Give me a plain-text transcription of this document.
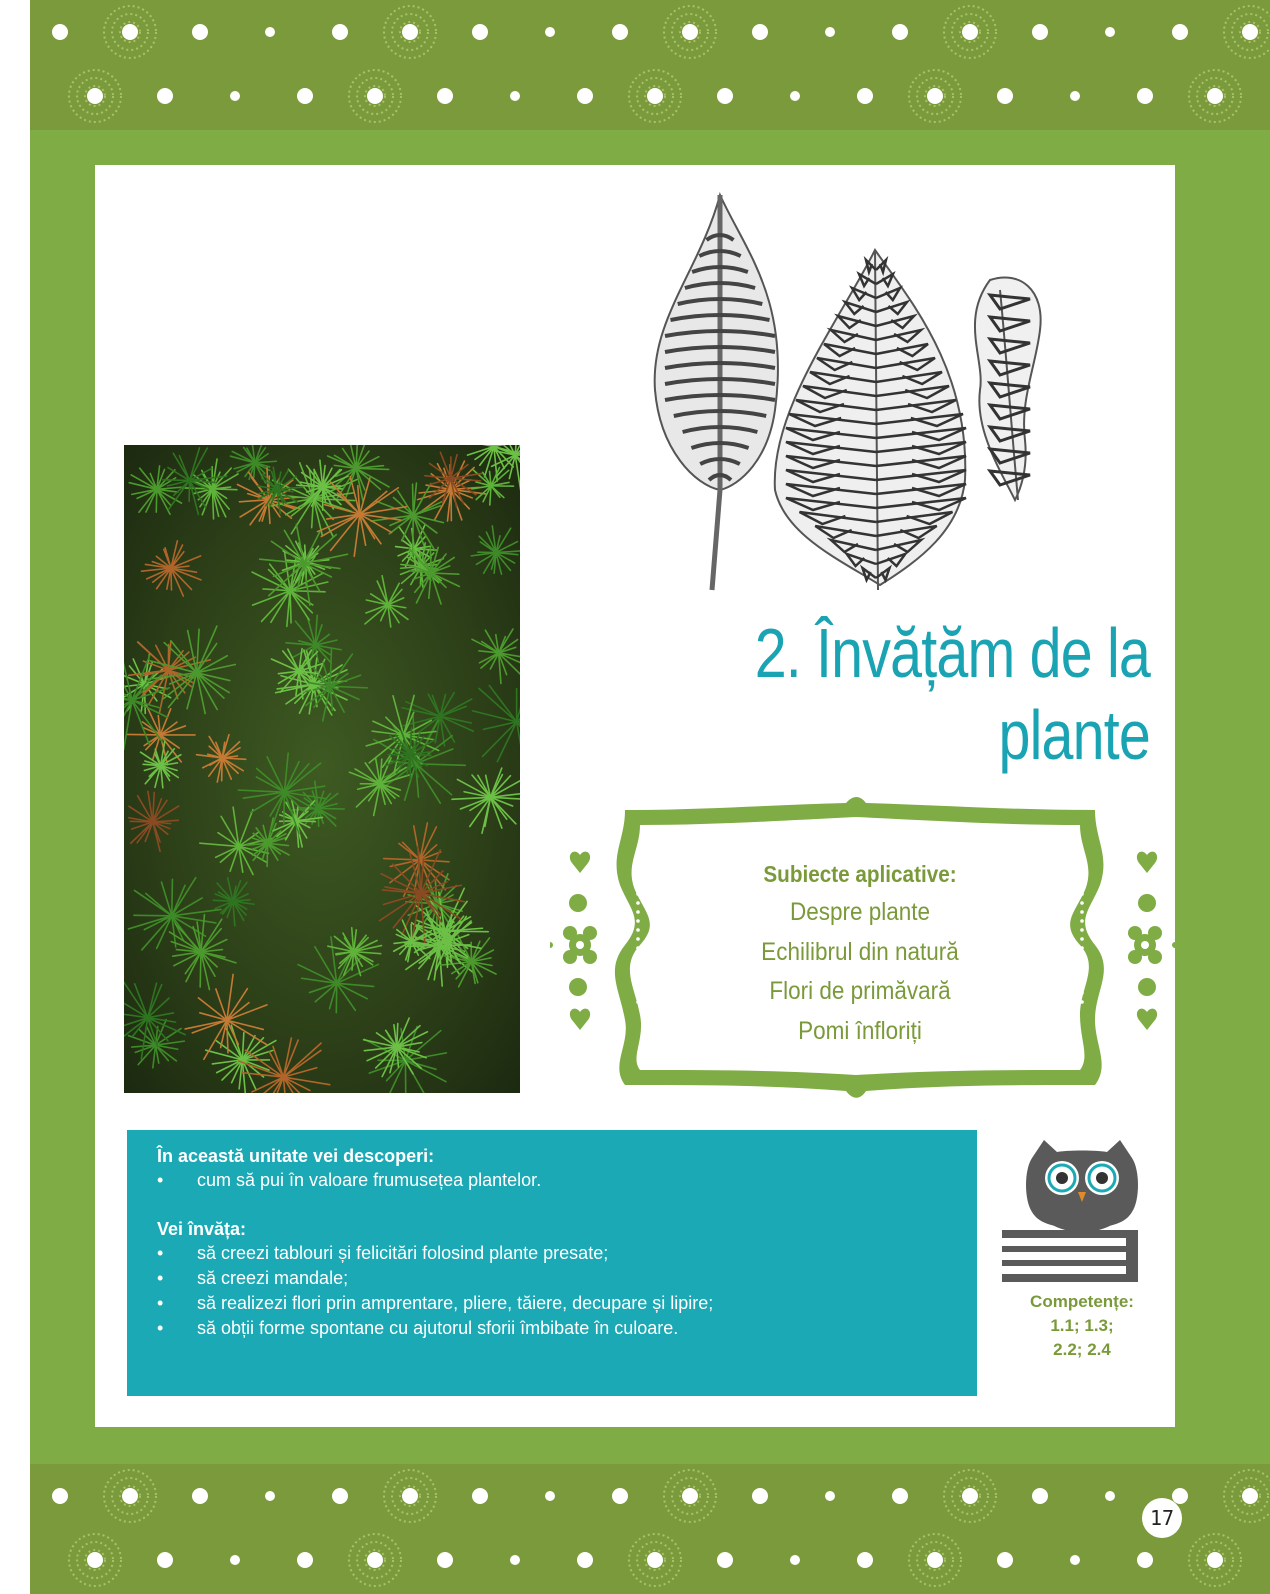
2. Învățăm de la
plante

Subiecte aplicative:

Despre plante

Echilibrul din natură

Flori de primăvară

Pomi înfloriți

În această unitate vei descoperi:

• cum să pui în valoare frumusețea plantelor.

Vei învăța:

• să creezi tablouri și felicitări folosind plante presate;
• să creezi mandale;
• să realizezi flori prin amprentare, pliere, tăiere, decupare și lipire;
• să obții forme spontane cu ajutorul sforii îmbibate în culoare.
Competențe:
1.1; 1.3;
2.2; 2.4
17
